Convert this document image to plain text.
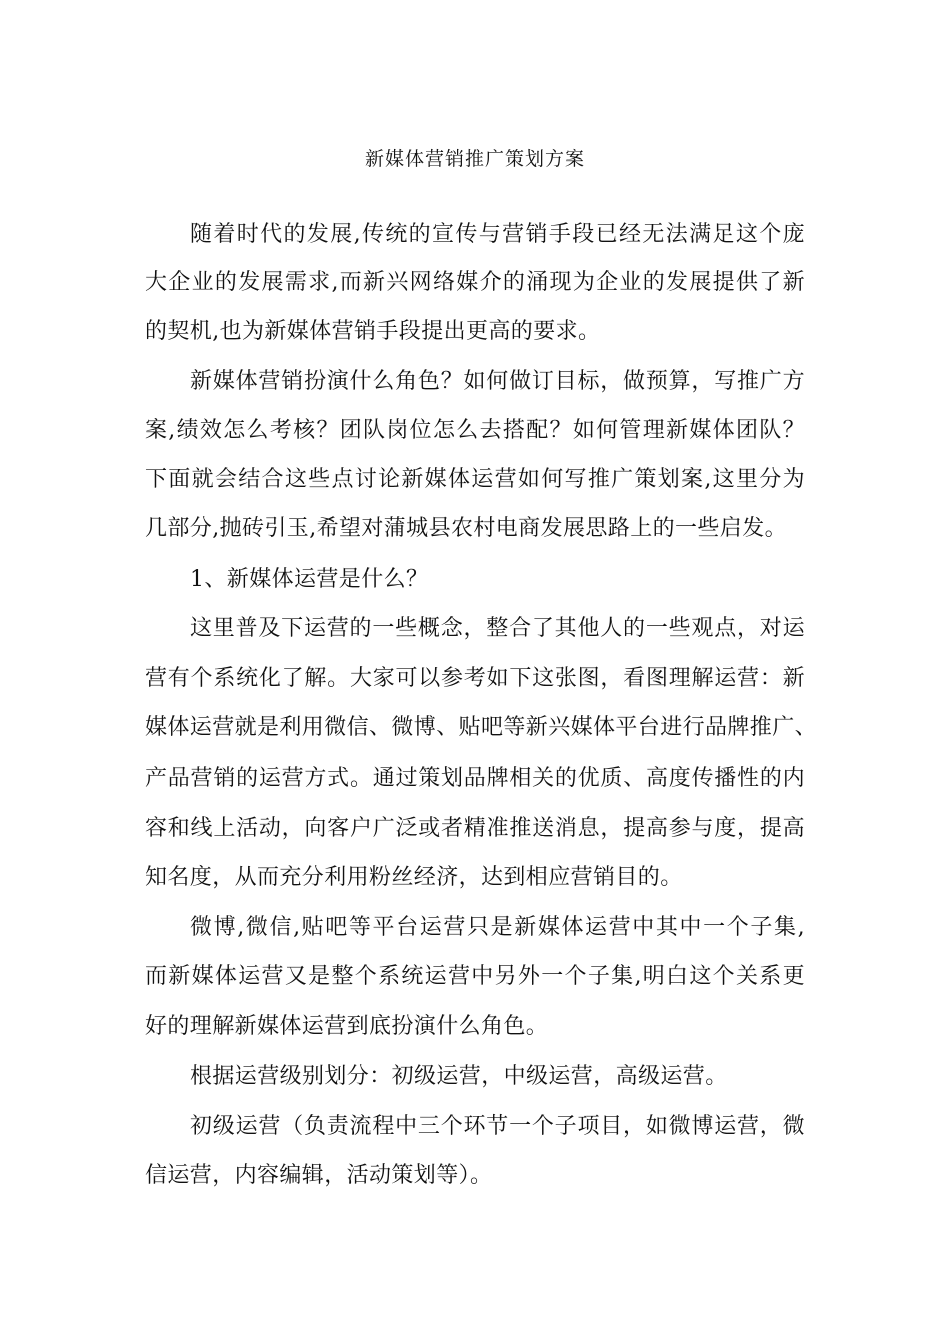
新媒体营销推广策划方案
随着时代的发展,传统的宣传与营销手段已经无法满足这个庞
大企业的发展需求,而新兴网络媒介的涌现为企业的发展提供了新
的契机,也为新媒体营销手段提出更高的要求。
新媒体营销扮演什么角色？如何做订目标，做预算，写推广方
案,绩效怎么考核？团队岗位怎么去搭配？如何管理新媒体团队？
下面就会结合这些点讨论新媒体运营如何写推广策划案,这里分为
几部分,抛砖引玉,希望对蒲城县农村电商发展思路上的一些启发。
1、新媒体运营是什么？
这里普及下运营的一些概念，整合了其他人的一些观点，对运
营有个系统化了解。大家可以参考如下这张图，看图理解运营：新
媒体运营就是利用微信、微博、贴吧等新兴媒体平台进行品牌推广、
产品营销的运营方式。通过策划品牌相关的优质、高度传播性的内
容和线上活动，向客户广泛或者精准推送消息，提高参与度，提高
知名度，从而充分利用粉丝经济，达到相应营销目的。
微博,微信,贴吧等平台运营只是新媒体运营中其中一个子集,
而新媒体运营又是整个系统运营中另外一个子集,明白这个关系更
好的理解新媒体运营到底扮演什么角色。
根据运营级别划分：初级运营，中级运营，高级运营。
初级运营（负责流程中三个环节一个子项目，如微博运营，微
信运营，内容编辑，活动策划等）。
